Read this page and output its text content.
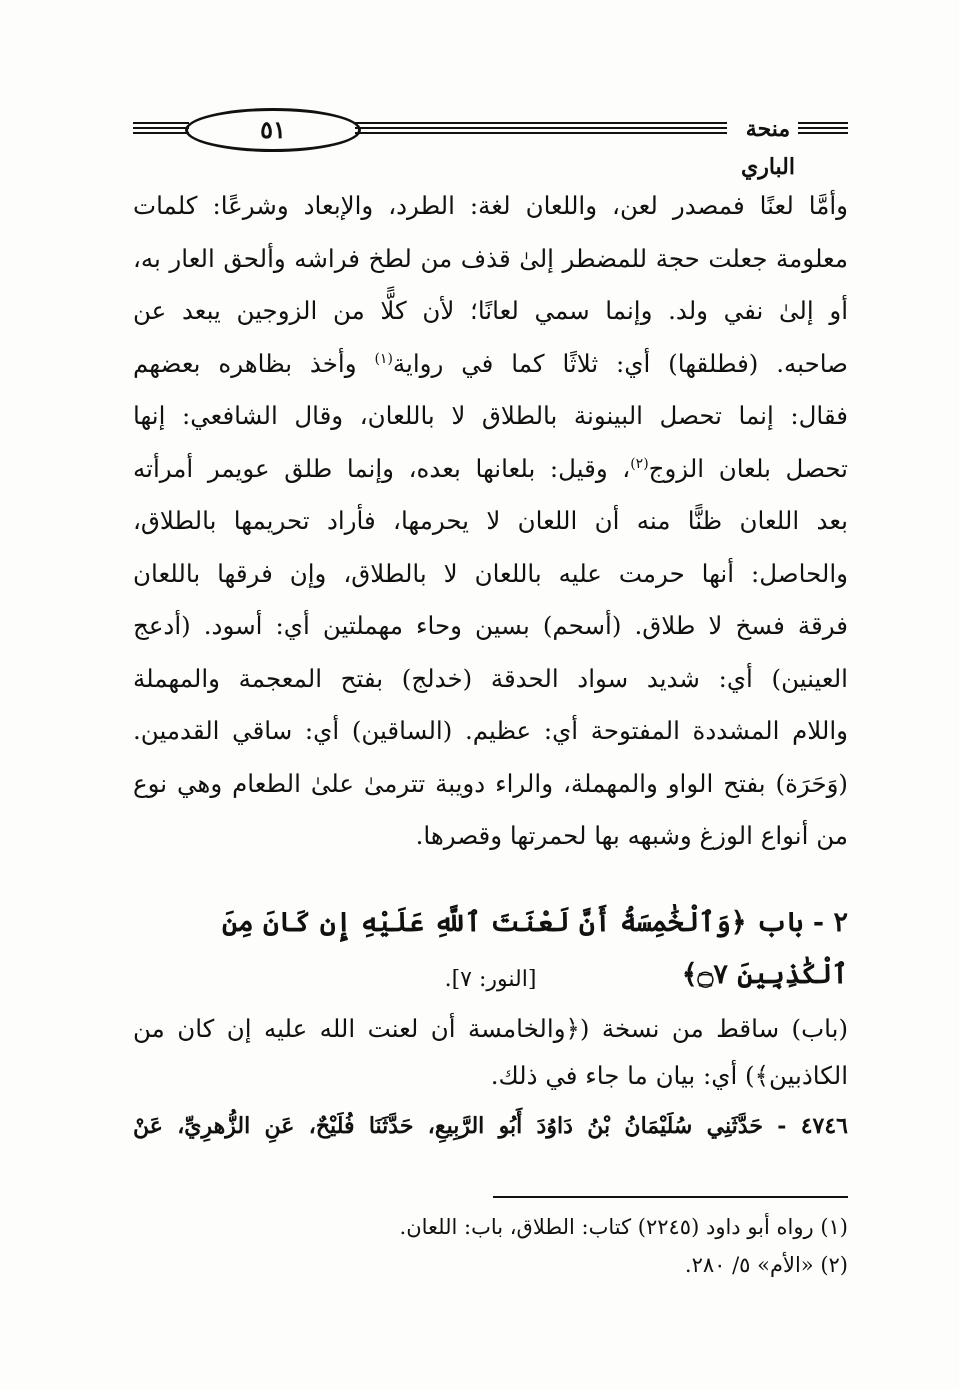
٥١	منحة الباري

وأمَّا لعنًا فمصدر لعن، واللعان لغة: الطرد، والإبعاد وشرعًا: كلمات

معلومة جعلت حجة للمضطر إلىٰ قذف من لطخ فراشه وألحق العار به،

أو إلىٰ نفي ولد. وإنما سمي لعانًا؛ لأن كلًّا من الزوجين يبعد عن

صاحبه. (فطلقها) أي: ثلاثًا كما في رواية$^{(١)}$ وأخذ بظاهره بعضهم

فقال: إنما تحصل البينونة بالطلاق لا باللعان، وقال الشافعي: إنها

تحصل بلعان الزوج$^{(٢)}$، وقيل: بلعانها بعده، وإنما طلق عويمر أمرأته

بعد اللعان ظنًّا منه أن اللعان لا يحرمها، فأراد تحريمها بالطلاق،

والحاصل: أنها حرمت عليه باللعان لا بالطلاق، وإن فرقها باللعان

فرقة فسخ لا طلاق. (أسحم) بسين وحاء مهملتين أي: أسود. (أدعج

العينين) أي: شديد سواد الحدقة (خدلج) بفتح المعجمة والمهملة

واللام المشددة المفتوحة أي: عظيم. (الساقين) أي: ساقي القدمين.

(وَحَرَة) بفتح الواو والمهملة، والراء دويبة تترمىٰ علىٰ الطعام وهي نوع

من أنواع الوزغ وشبهه بها لحمرتها وقصرها.

٢ - باب ﴿وَٱلْخَٰمِسَةُ أَنَّ لَعْنَتَ ٱللَّهِ عَلَيْهِ إِن كَانَ مِنَ ٱلْكَٰذِبِينَ ۝٧﴾
[النور: ٧].

(باب) ساقط من نسخة (﴿والخامسة أن لعنت الله عليه إن كان من

الكاذبين﴾) أي: بيان ما جاء في ذلك.

٤٧٤٦ - حَدَّثَنِي سُلَيْمَانُ بْنُ دَاوُدَ أَبُو الرَّبِيعِ، حَدَّثَنَا فُلَيْحٌ، عَنِ الزُّهرِيِّ، عَنْ

(١) رواه أبو داود (٢٢٤٥) كتاب: الطلاق، باب: اللعان.

(٢) «الأم» ٥/ ٢٨٠.
